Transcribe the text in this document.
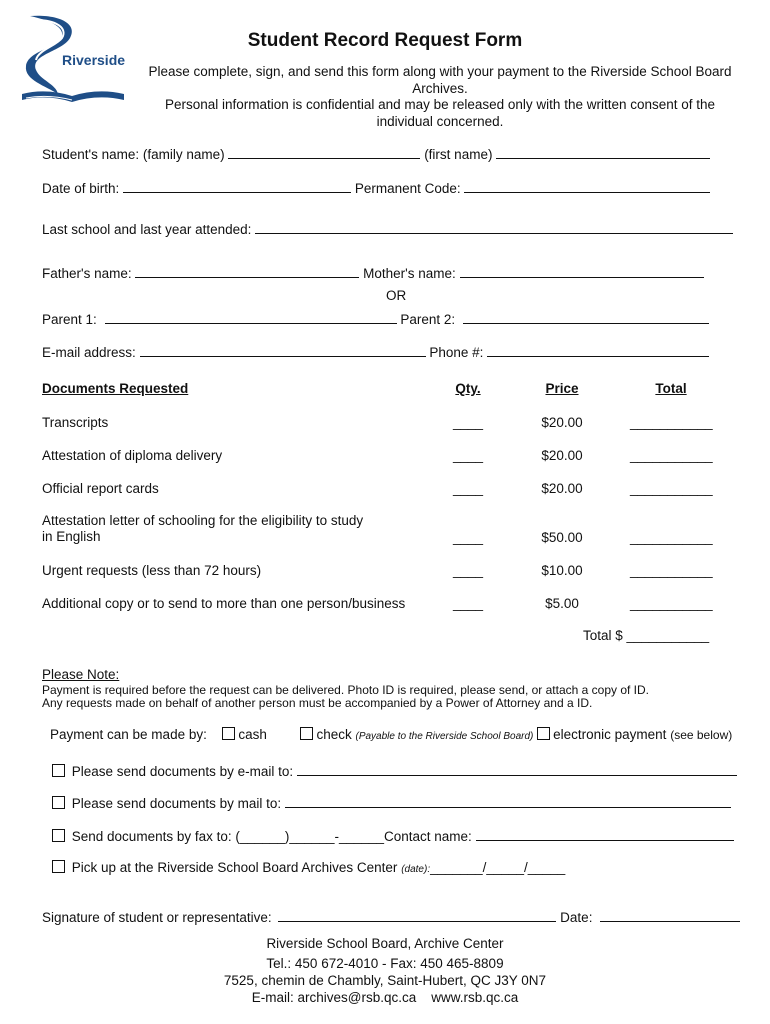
Riverside
Student Record Request Form
Please complete, sign, and send this form along with your payment to the Riverside School Board Archives.
Personal information is confidential and may be released only with the written consent of the individual concerned.
Student's name: (family name)	(first name)
Date of birth:	Permanent Code:
Last school and last year attended:
Father's name:	Mother's name:
OR
Parent 1:	Parent 2:
E-mail address:	Phone #:
Documents Requested	Qty.	Price	Total
Transcripts	____	$20.00	___________
Attestation of diploma delivery	____	$20.00	___________
Official report cards	____	$20.00	___________
Attestation letter of schooling for the eligibility to study
in English	____	$50.00	___________
Urgent requests (less than 72 hours)	____	$10.00	___________
Additional copy or to send to more than one person/business	____	$5.00	___________
Total $ ___________
Please Note:
Payment is required before the request can be delivered. Photo ID is required, please send, or attach a copy of ID.
Any requests made on behalf of another person must be accompanied by a Power of Attorney and a ID.
Payment can be made by: cash	check (Payable to the Riverside School Board) electronic payment (see below)
Please send documents by e-mail to:
Please send documents by mail to:
Send documents by fax to: (______)______-______Contact name:
Pick up at the Riverside School Board Archives Center (date):_______/_____/_____
Signature of student or representative:	Date:
Riverside School Board, Archive Center
Tel.: 450 672-4010 - Fax: 450 465-8809
7525, chemin de Chambly, Saint-Hubert, QC J3Y 0N7
E-mail: archives@rsb.qc.ca    www.rsb.qc.ca
